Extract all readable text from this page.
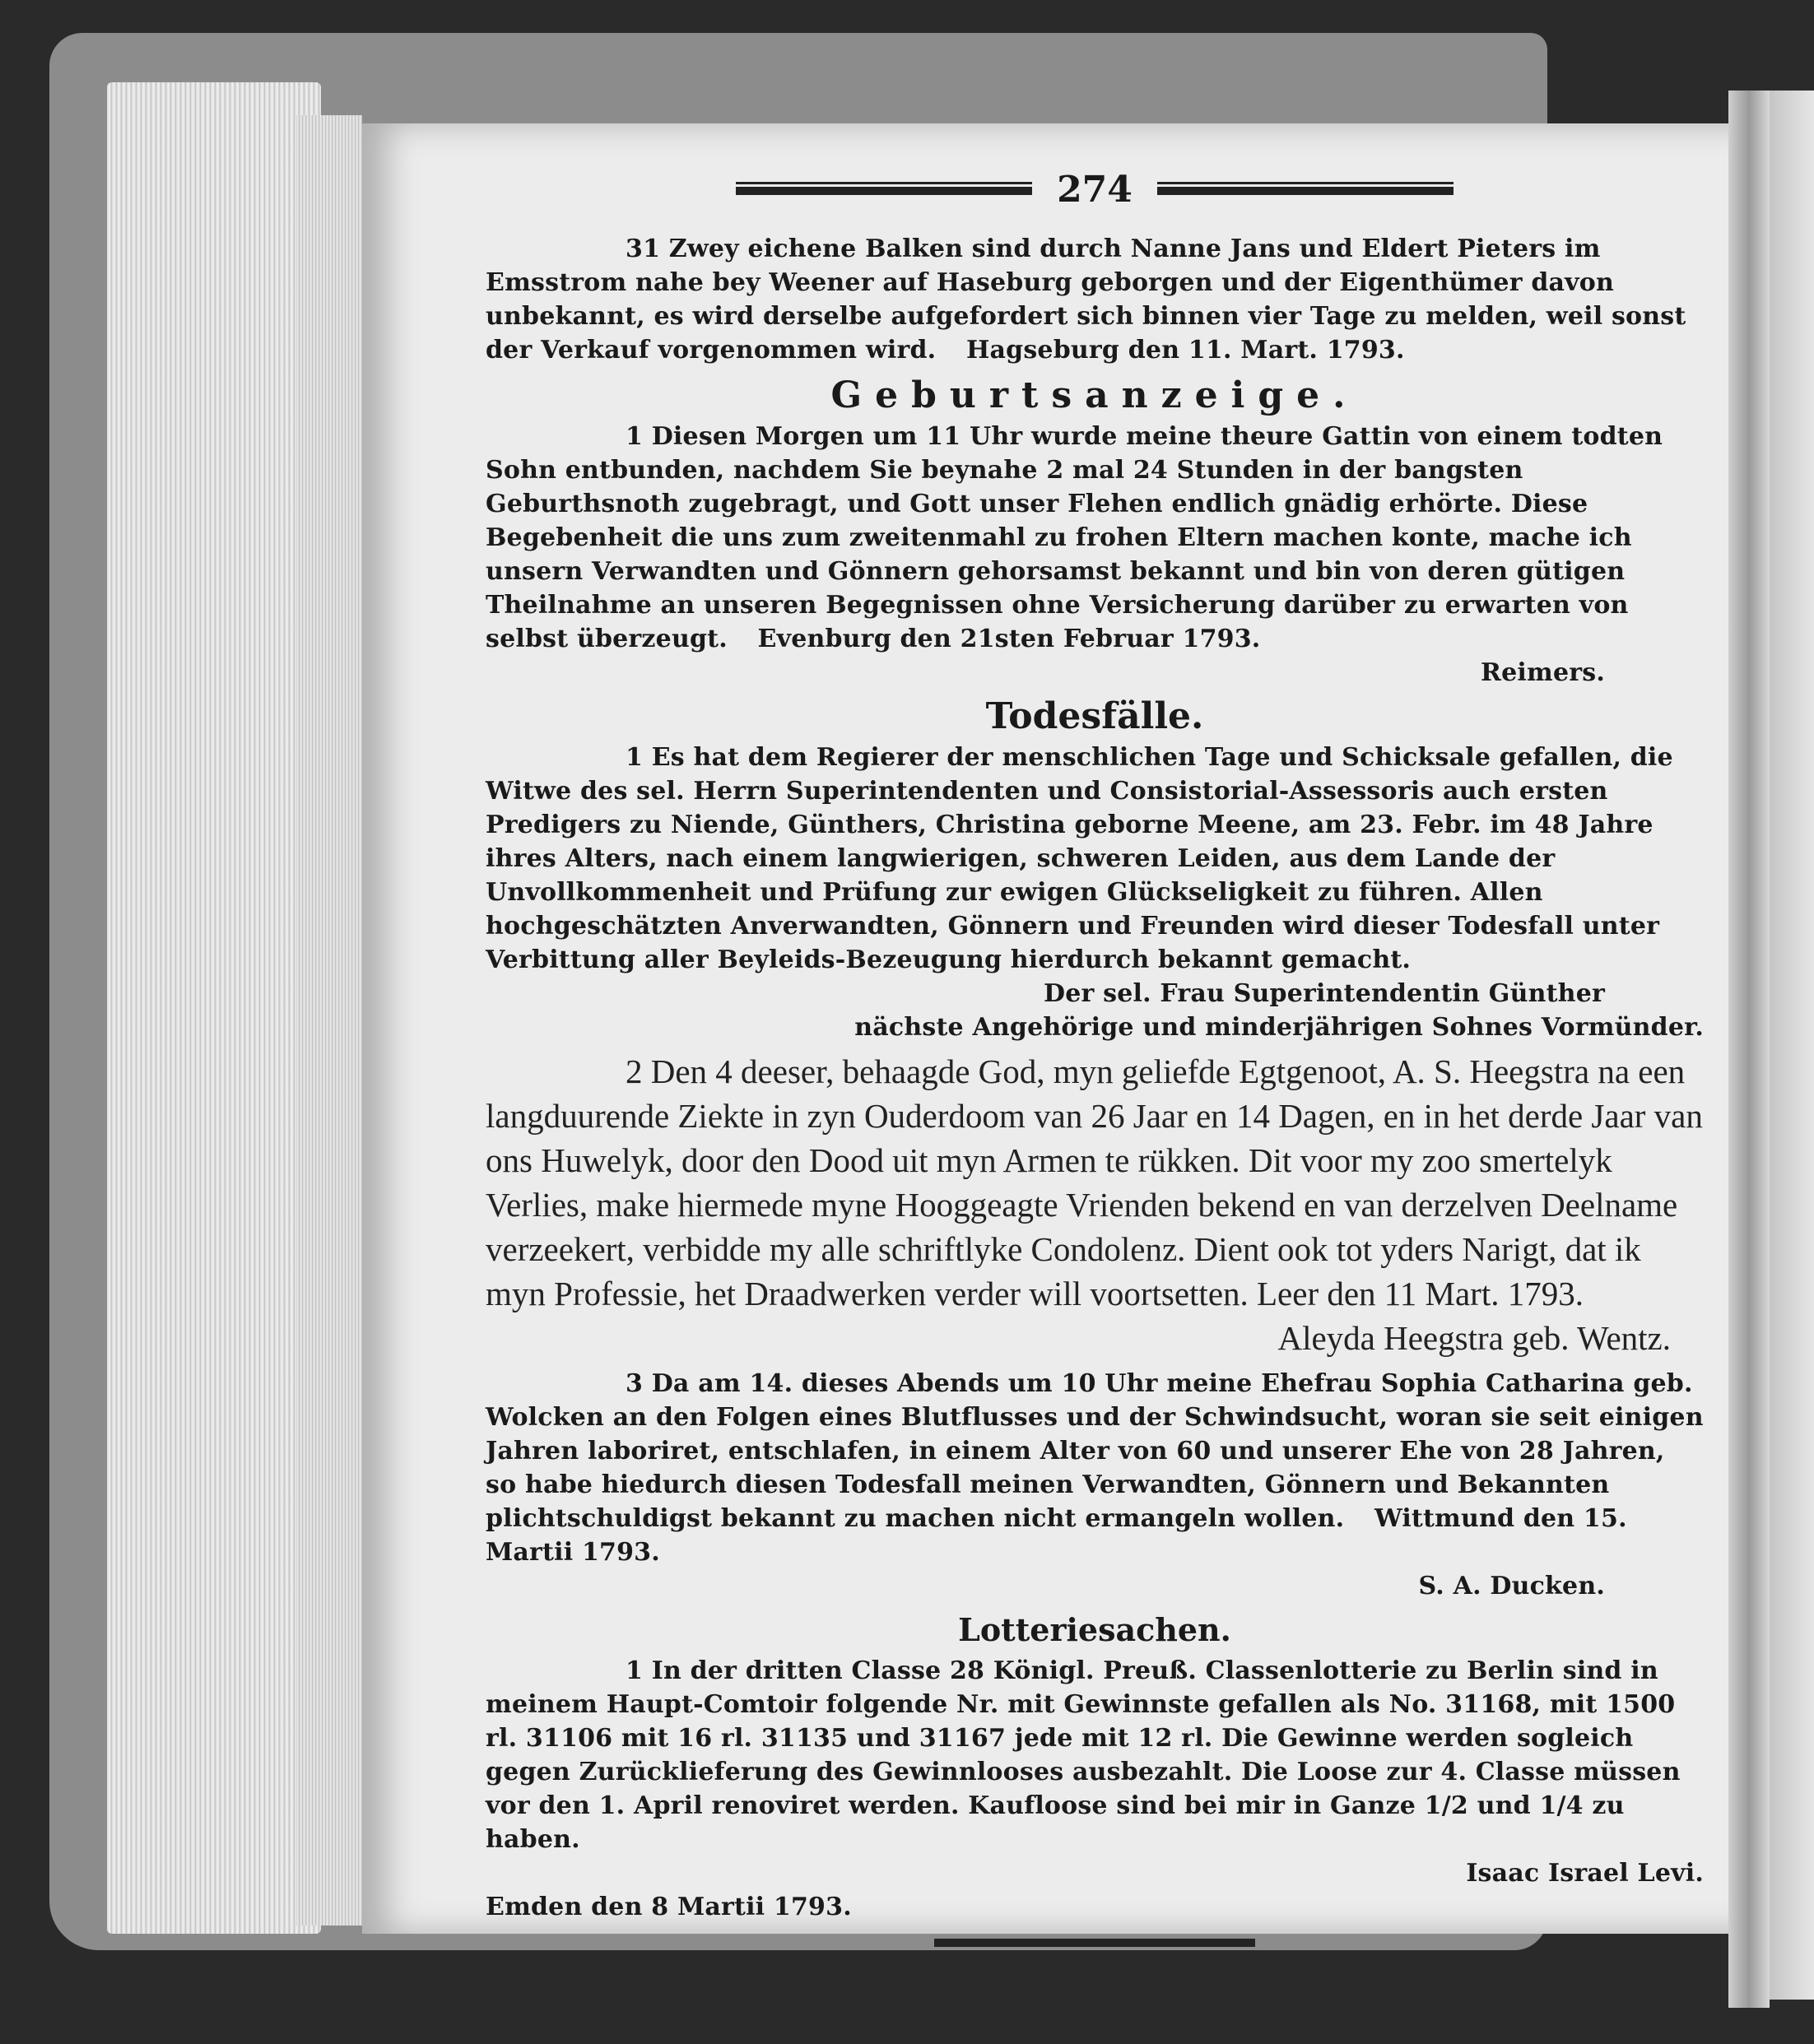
274

31 Zwey eichene Balken sind durch Nanne Jans und Eldert Pieters im Emsstrom nahe bey Weener auf Haseburg geborgen und der Eigenthümer davon unbekannt, es wird derselbe aufgefordert sich binnen vier Tage zu melden, weil sonst der Verkauf vorgenommen wird. Hagseburg den 11. Mart. 1793.

Geburtsanzeige.

1 Diesen Morgen um 11 Uhr wurde meine theure Gattin von einem todten Sohn entbunden, nachdem Sie beynahe 2 mal 24 Stunden in der bangsten Geburthsnoth zugebragt, und Gott unser Flehen endlich gnädig erhörte. Diese Begebenheit die uns zum zweitenmahl zu frohen Eltern machen konte, mache ich unsern Verwandten und Gönnern gehorsamst bekannt und bin von deren gütigen Theilnahme an unseren Begegnissen ohne Versicherung darüber zu erwarten von selbst überzeugt. Evenburg den 21sten Februar 1793.

Reimers.

Todesfälle.

1 Es hat dem Regierer der menschlichen Tage und Schicksale gefallen, die Witwe des sel. Herrn Superintendenten und Consistorial-Assessoris auch ersten Predigers zu Niende, Günthers, Christina geborne Meene, am 23. Febr. im 48 Jahre ihres Alters, nach einem langwierigen, schweren Leiden, aus dem Lande der Unvollkommenheit und Prüfung zur ewigen Glückseligkeit zu führen. Allen hochgeschätzten Anverwandten, Gönnern und Freunden wird dieser Todesfall unter Verbittung aller Beyleids-Bezeugung hierdurch bekannt gemacht.

Der sel. Frau Superintendentin Günther

nächste Angehörige und minderjährigen Sohnes Vormünder.

2 Den 4 deeser, behaagde God, myn geliefde Egtgenoot, A. S. Heegstra na een langduurende Ziekte in zyn Ouderdoom van 26 Jaar en 14 Dagen, en in het derde Jaar van ons Huwelyk, door den Dood uit myn Armen te rükken. Dit voor my zoo smertelyk Verlies, make hiermede myne Hooggeagte Vrienden bekend en van derzelven Deelname verzeekert, verbidde my alle schriftlyke Condolenz. Dient ook tot yders Narigt, dat ik myn Professie, het Draadwerken verder will voortsetten. Leer den 11 Mart. 1793.

Aleyda Heegstra geb. Wentz.

3 Da am 14. dieses Abends um 10 Uhr meine Ehefrau Sophia Catharina geb. Wolcken an den Folgen eines Blutflusses und der Schwindsucht, woran sie seit einigen Jahren laboriret, entschlafen, in einem Alter von 60 und unserer Ehe von 28 Jahren, so habe hiedurch diesen Todesfall meinen Verwandten, Gönnern und Bekannten plichtschuldigst bekannt zu machen nicht ermangeln wollen. Wittmund den 15. Martii 1793.

S. A. Ducken.

Lotteriesachen.

1 In der dritten Classe 28 Königl. Preuß. Classenlotterie zu Berlin sind in meinem Haupt-Comtoir folgende Nr. mit Gewinnste gefallen als No. 31168, mit 1500 rl. 31106 mit 16 rl. 31135 und 31167 jede mit 12 rl. Die Gewinne werden sogleich gegen Zurücklieferung des Gewinnlooses ausbezahlt. Die Loose zur 4. Classe müssen vor den 1. April renoviret werden. Kaufloose sind bei mir in Ganze 1/2 und 1/4 zu haben.

Isaac Israel Levi.

Emden den 8 Martii 1793.
